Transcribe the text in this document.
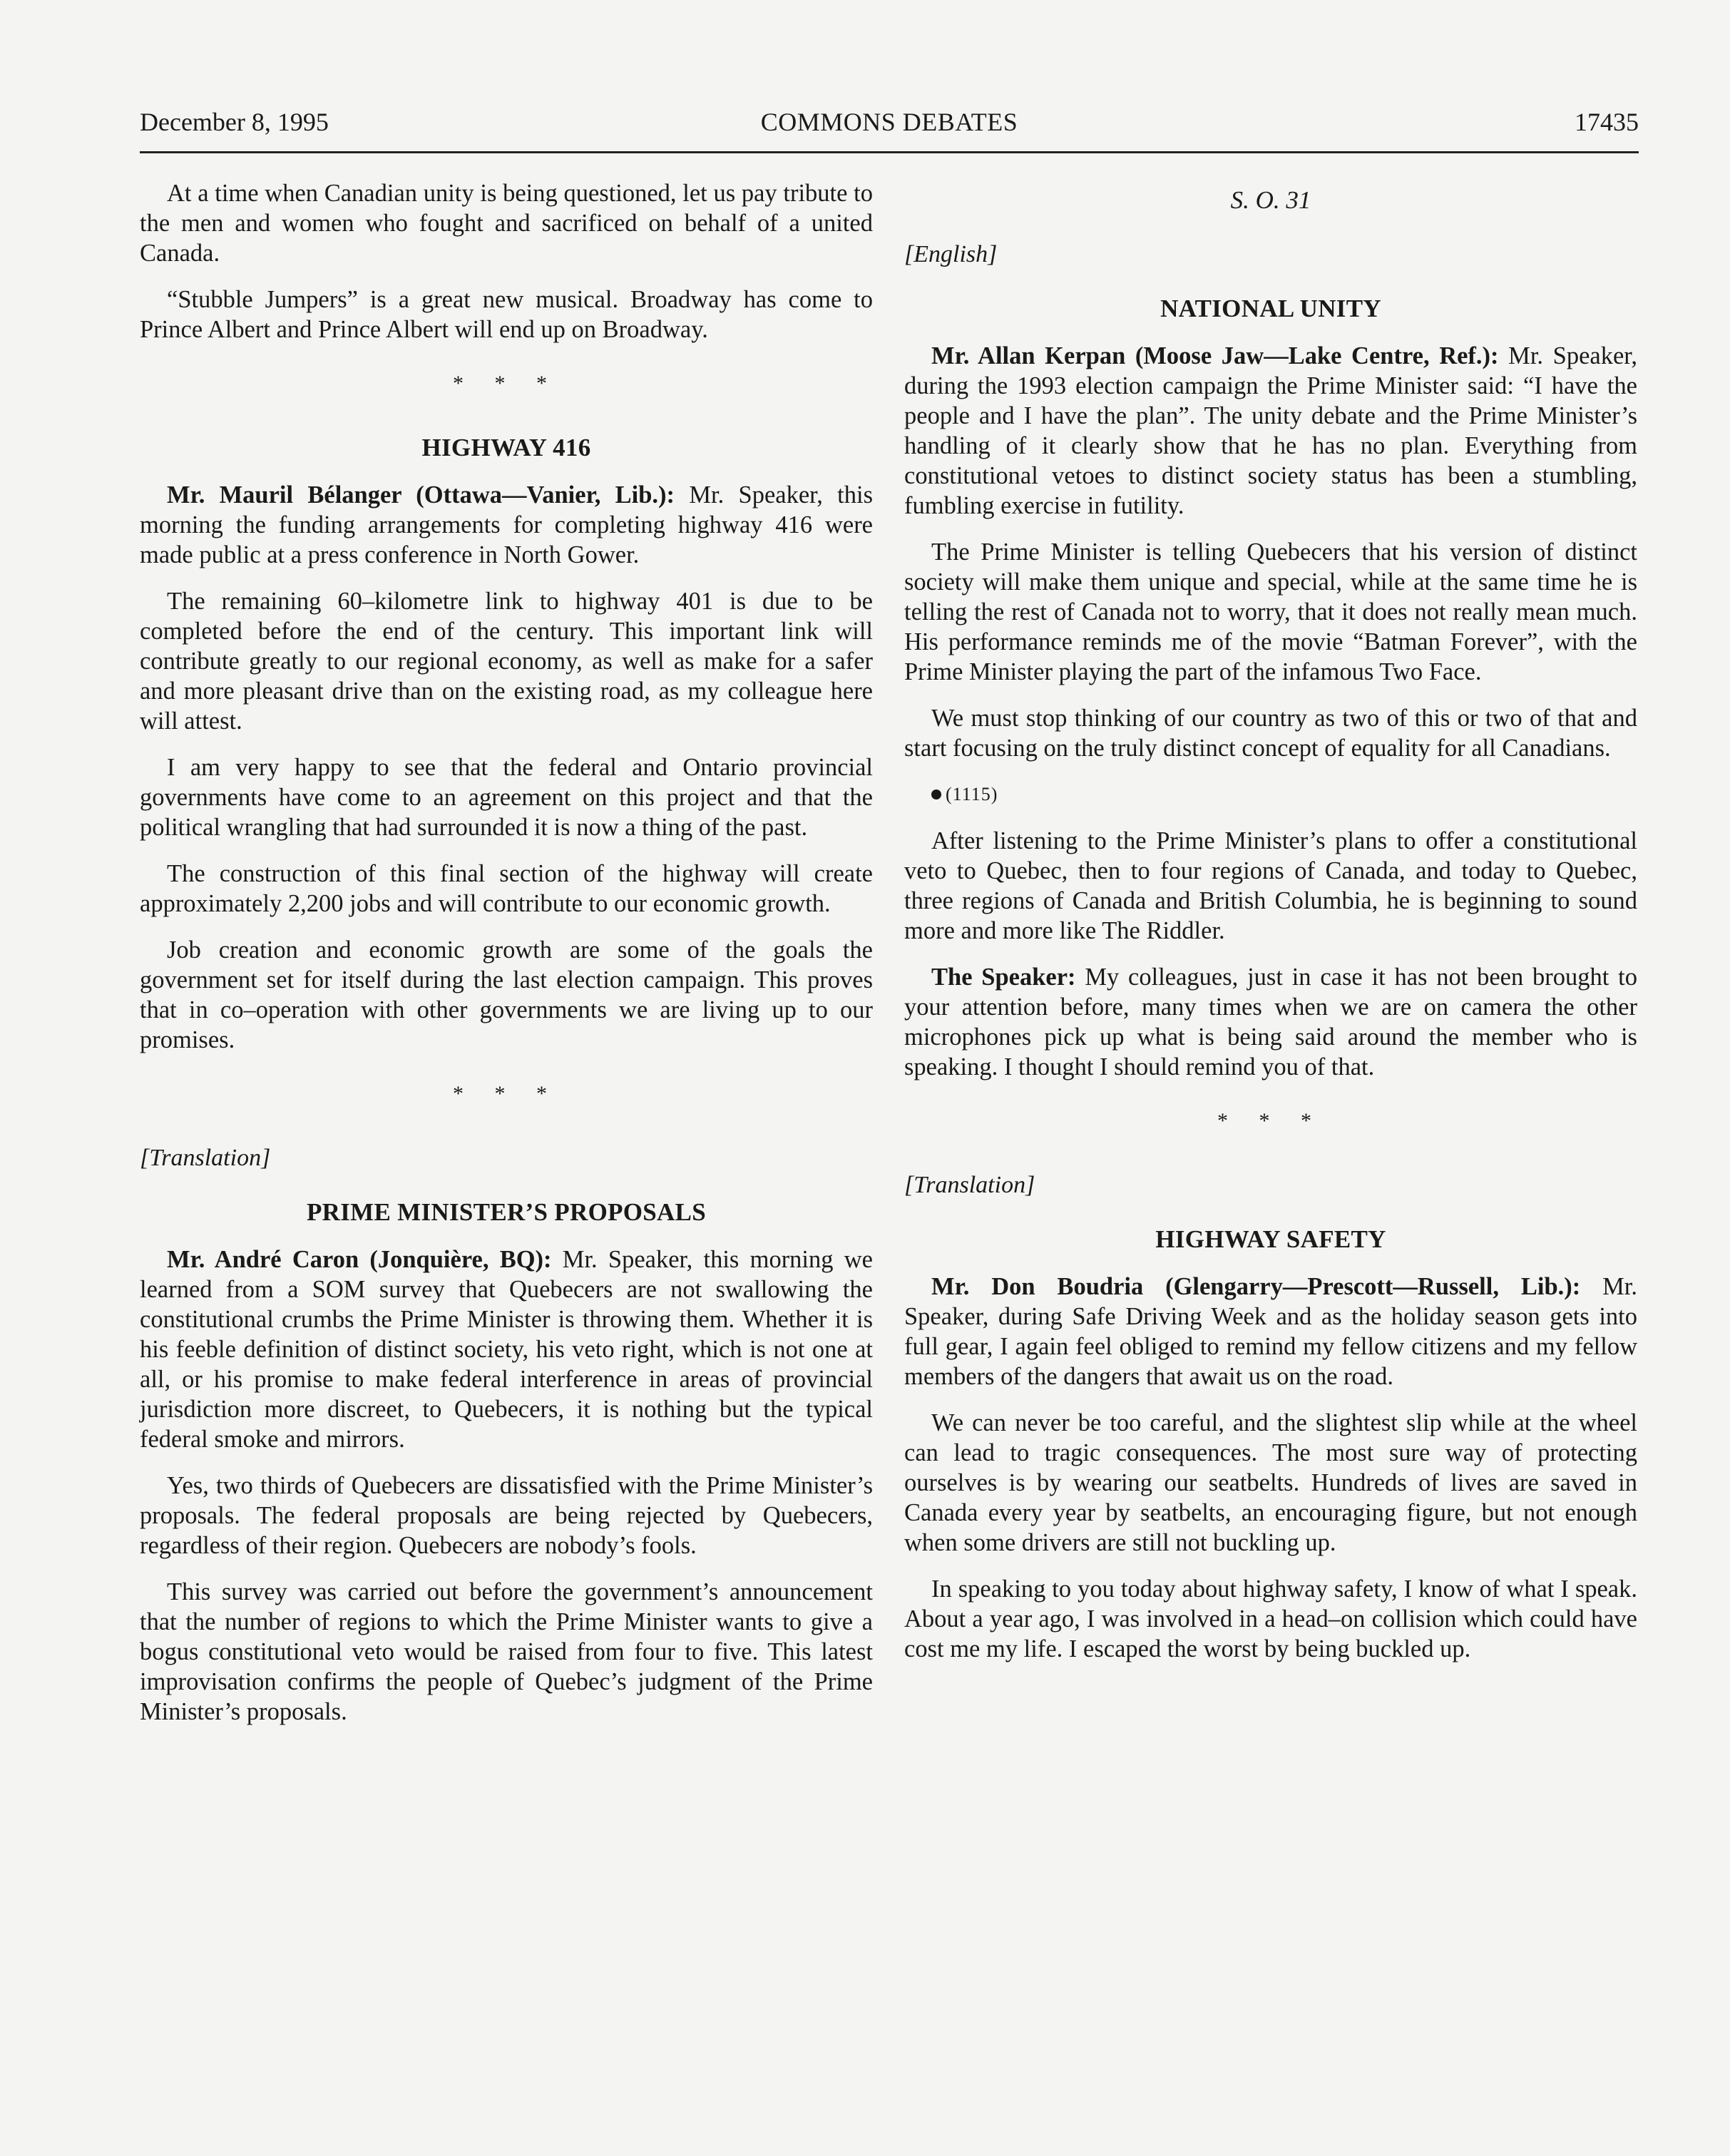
December 8, 1995	COMMONS DEBATES	17435

At a time when Canadian unity is being questioned, let us pay tribute to the men and women who fought and sacrificed on behalf of a united Canada.

“Stubble Jumpers” is a great new musical. Broadway has come to Prince Albert and Prince Albert will end up on Broadway.

* * *
HIGHWAY 416

Mr. Mauril Bélanger (Ottawa—Vanier, Lib.): Mr. Speaker, this morning the funding arrangements for completing highway 416 were made public at a press conference in North Gower.

The remaining 60–kilometre link to highway 401 is due to be completed before the end of the century. This important link will contribute greatly to our regional economy, as well as make for a safer and more pleasant drive than on the existing road, as my colleague here will attest.

I am very happy to see that the federal and Ontario provincial governments have come to an agreement on this project and that the political wrangling that had surrounded it is now a thing of the past.

The construction of this final section of the highway will create approximately 2,200 jobs and will contribute to our economic growth.

Job creation and economic growth are some of the goals the government set for itself during the last election campaign. This proves that in co–operation with other governments we are living up to our promises.

* * *
[Translation]
PRIME MINISTER’S PROPOSALS

Mr. André Caron (Jonquière, BQ): Mr. Speaker, this morning we learned from a SOM survey that Quebecers are not swallowing the constitutional crumbs the Prime Minister is throwing them. Whether it is his feeble definition of distinct society, his veto right, which is not one at all, or his promise to make federal interference in areas of provincial jurisdiction more discreet, to Quebecers, it is nothing but the typical federal smoke and mirrors.

Yes, two thirds of Quebecers are dissatisfied with the Prime Minister’s proposals. The federal proposals are being rejected by Quebecers, regardless of their region. Quebecers are nobody’s fools.

This survey was carried out before the government’s announcement that the number of regions to which the Prime Minister wants to give a bogus constitutional veto would be raised from four to five. This latest improvisation confirms the people of Quebec’s judgment of the Prime Minister’s proposals.

S. O. 31
[English]
NATIONAL UNITY

Mr. Allan Kerpan (Moose Jaw—Lake Centre, Ref.): Mr. Speaker, during the 1993 election campaign the Prime Minister said: “I have the people and I have the plan”. The unity debate and the Prime Minister’s handling of it clearly show that he has no plan. Everything from constitutional vetoes to distinct society status has been a stumbling, fumbling exercise in futility.

The Prime Minister is telling Quebecers that his version of distinct society will make them unique and special, while at the same time he is telling the rest of Canada not to worry, that it does not really mean much. His performance reminds me of the movie “Batman Forever”, with the Prime Minister playing the part of the infamous Two Face.

We must stop thinking of our country as two of this or two of that and start focusing on the truly distinct concept of equality for all Canadians.

(1115)

After listening to the Prime Minister’s plans to offer a constitutional veto to Quebec, then to four regions of Canada, and today to Quebec, three regions of Canada and British Columbia, he is beginning to sound more and more like The Riddler.

The Speaker: My colleagues, just in case it has not been brought to your attention before, many times when we are on camera the other microphones pick up what is being said around the member who is speaking. I thought I should remind you of that.

* * *
[Translation]
HIGHWAY SAFETY

Mr. Don Boudria (Glengarry—Prescott—Russell, Lib.): Mr. Speaker, during Safe Driving Week and as the holiday season gets into full gear, I again feel obliged to remind my fellow citizens and my fellow members of the dangers that await us on the road.

We can never be too careful, and the slightest slip while at the wheel can lead to tragic consequences. The most sure way of protecting ourselves is by wearing our seatbelts. Hundreds of lives are saved in Canada every year by seatbelts, an encouraging figure, but not enough when some drivers are still not buckling up.

In speaking to you today about highway safety, I know of what I speak. About a year ago, I was involved in a head–on collision which could have cost me my life. I escaped the worst by being buckled up.
